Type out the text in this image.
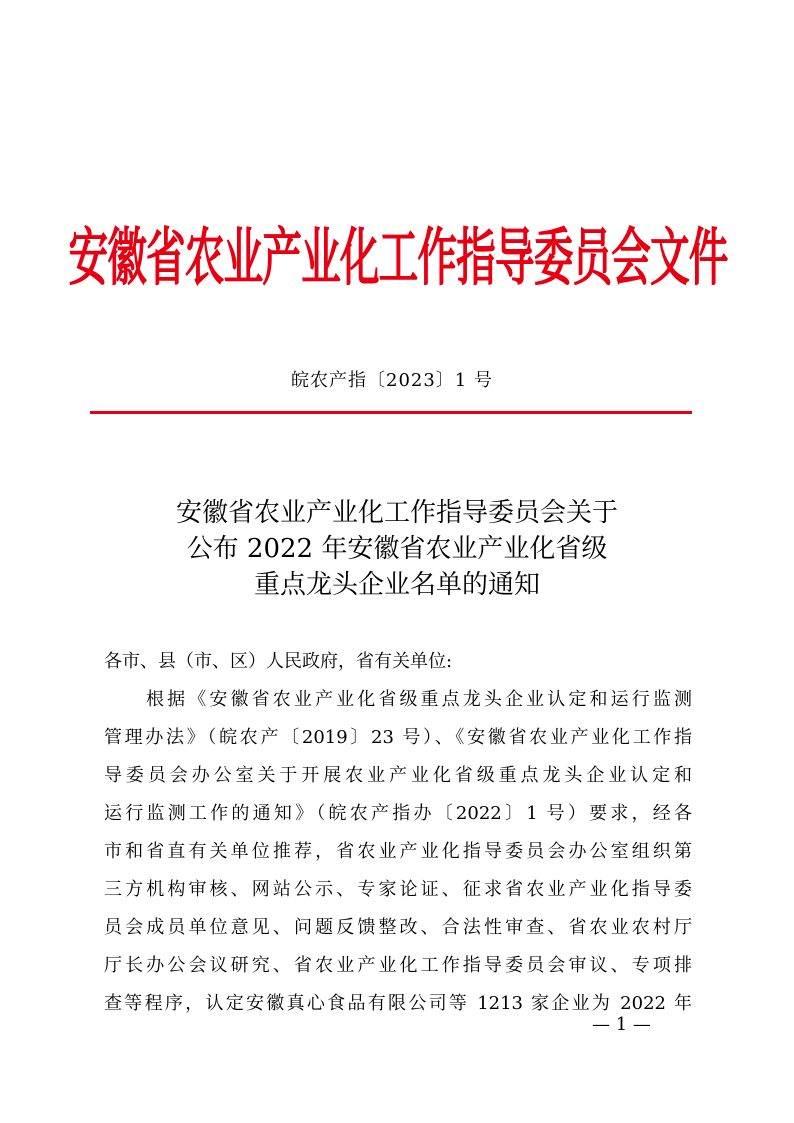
安徽省农业产业化工作指导委员会文件
皖农产指〔2023〕1 号
安徽省农业产业化工作指导委员会关于
公布 2022 年安徽省农业产业化省级
重点龙头企业名单的通知
各市、县（市、区）人民政府，省有关单位:
根据《安徽省农业产业化省级重点龙头企业认定和运行监测
管理办法》（皖农产〔2019〕23 号）、《安徽省农业产业化工作指
导委员会办公室关于开展农业产业化省级重点龙头企业认定和
运行监测工作的通知》（皖农产指办〔2022〕1 号）要求，经各
市和省直有关单位推荐，省农业产业化指导委员会办公室组织第
三方机构审核、网站公示、专家论证、征求省农业产业化指导委
员会成员单位意见、问题反馈整改、合法性审查、省农业农村厅
厅长办公会议研究、省农业产业化工作指导委员会审议、专项排
查等程序，认定安徽真心食品有限公司等 1213 家企业为 2022 年
— 1 —
